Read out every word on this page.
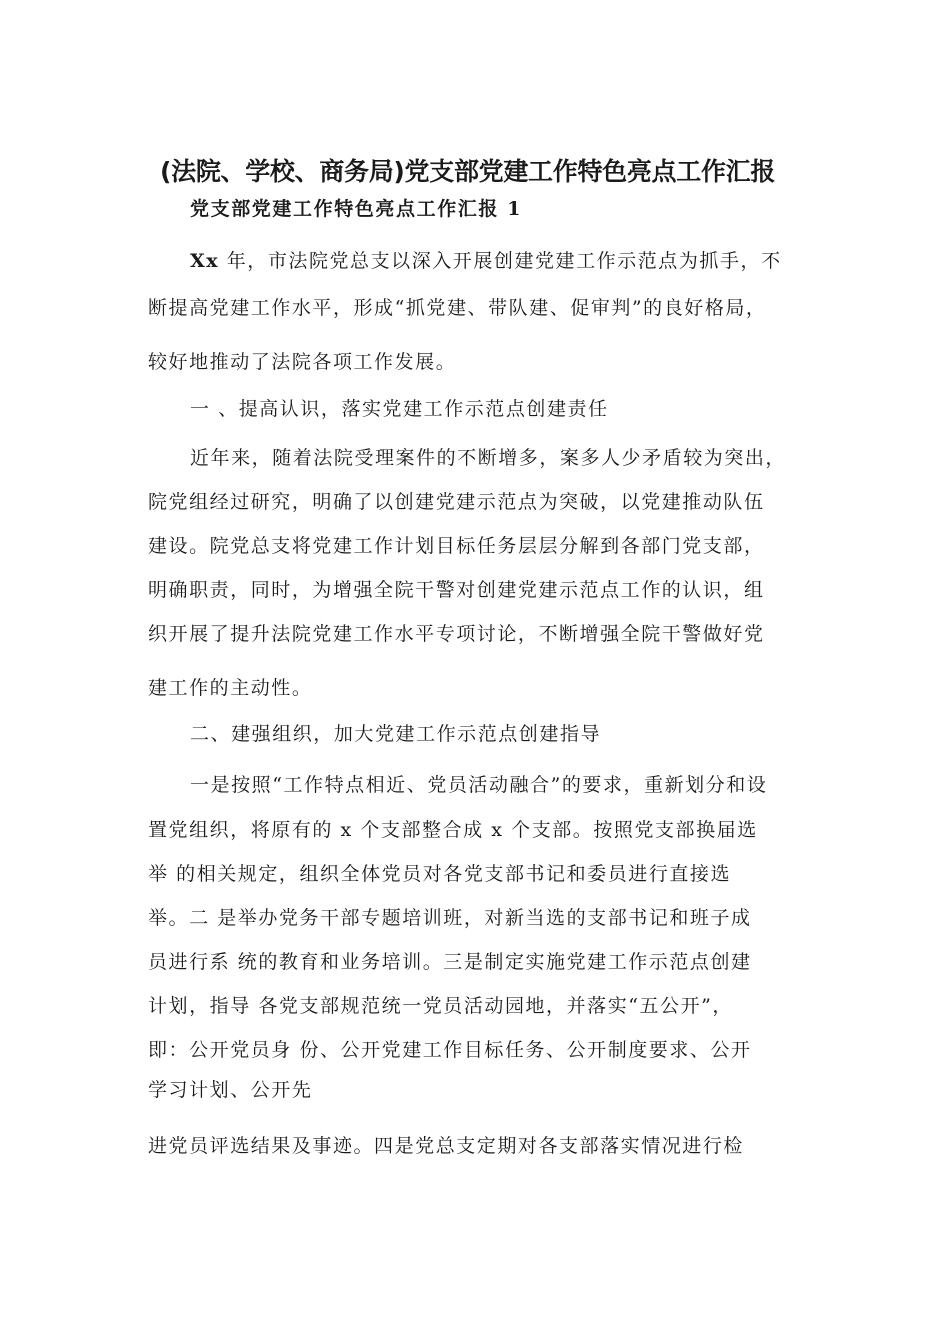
(法院、学校、商务局)党支部党建工作特色亮点工作汇报
党支部党建工作特色亮点工作汇报 1

Xx 年，市法院党总支以深入开展创建党建工作示范点为抓手，不

断提高党建工作水平，形成“抓党建、带队建、促审判”的良好格局，

较好地推动了法院各项工作发展。

一 、提高认识，落实党建工作示范点创建责任

近年来，随着法院受理案件的不断增多，案多人少矛盾较为突出，

院党组经过研究，明确了以创建党建示范点为突破，以党建推动队伍

建设。院党总支将党建工作计划目标任务层层分解到各部门党支部，

明确职责，同时，为增强全院干警对创建党建示范点工作的认识，组

织开展了提升法院党建工作水平专项讨论，不断增强全院干警做好党

建工作的主动性。

二、建强组织，加大党建工作示范点创建指导

一是按照“工作特点相近、党员活动融合”的要求，重新划分和设

置党组织，将原有的 x 个支部整合成 x 个支部。按照党支部换届选

举 的相关规定，组织全体党员对各党支部书记和委员进行直接选

举。二 是举办党务干部专题培训班，对新当选的支部书记和班子成

员进行系 统的教育和业务培训。三是制定实施党建工作示范点创建

计划，指导 各党支部规范统一党员活动园地，并落实“五公开”，

即：公开党员身 份、公开党建工作目标任务、公开制度要求、公开

学习计划、公开先

进党员评选结果及事迹。四是党总支定期对各支部落实情况进行检
